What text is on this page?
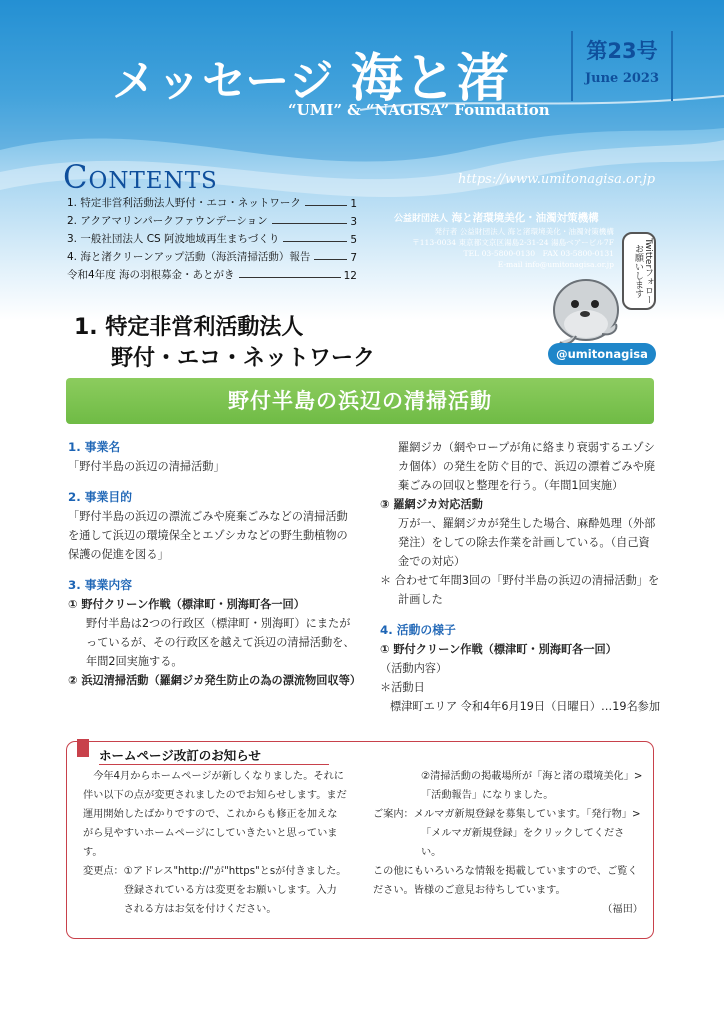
メッセージ 海と渚
“UMI” & “NAGISA” Foundation
第23号
June 2023
CONTENTS
1. 特定非営利活動法人野付・エコ・ネットワーク	1
2. アクアマリンパークファウンデーション	3
3. 一般社団法人 CS 阿波地域再生まちづくり	5
4. 海と渚クリーンアップ活動（海浜清掃活動）報告	7
令和4年度 海の羽根募金・あとがき	12
https://www.umitonagisa.or.jp
公益財団法人 海と渚環境美化・油濁対策機構
発行者 公益財団法人 海と渚環境美化・油濁対策機構
〒113-0034 東京都文京区湯島2-31-24 湯島ベアービル7F
TEL 03-5800-0130　FAX 03-5800-0131
E-mail info@umitonagisa.or.jp	Twitterフォロー お願いします
@umitonagisa
1. 特定非営利活動法人
野付・エコ・ネットワーク
野付半島の浜辺の清掃活動
1. 事業名
「野付半島の浜辺の清掃活動」
2. 事業目的
「野付半島の浜辺の漂流ごみや廃棄ごみなどの清掃活動を通して浜辺の環境保全とエゾシカなどの野生動植物の保護の促進を図る」
3. 事業内容
① 野付クリーン作戦（標津町・別海町各一回）
野付半島は2つの行政区（標津町・別海町）にまたがっているが、その行政区を越えて浜辺の清掃活動を、年間2回実施する。
② 浜辺清掃活動（羅網ジカ発生防止の為の漂流物回収等）
羅網ジカ（網やロープが角に絡まり衰弱するエゾシカ個体）の発生を防ぐ目的で、浜辺の漂着ごみや廃棄ごみの回収と整理を行う。（年間1回実施）
③ 羅網ジカ対応活動
万が一、羅網ジカが発生した場合、麻酔処理（外部発注）をしての除去作業を計画している。（自己資金での対応）
＊ 合わせて年間3回の「野付半島の浜辺の清掃活動」を計画した
4. 活動の様子
① 野付クリーン作戦（標津町・別海町各一回）
（活動内容）
＊活動日
標津町エリア 令和4年6月19日（日曜日）…19名参加
ホームページ改訂のお知らせ
今年4月からホームページが新しくなりました。それに伴い以下の点が変更されましたのでお知らせします。まだ運用開始したばかりですので、これからも修正を加えながら見やすいホームページにしていきたいと思っています。
変更点： ①アドレス"http://"が"https"とsが付きました。登録されている方は変更をお願いします。入力される方はお気を付けください。
②清掃活動の掲載場所が「海と渚の環境美化」>「活動報告」になりました。
ご案内：メルマガ新規登録を募集しています。「発行物」>「メルマガ新規登録」をクリックしてください。
この他にもいろいろな情報を掲載していますので、ご覧ください。皆様のご意見お待ちしています。
（福田）
